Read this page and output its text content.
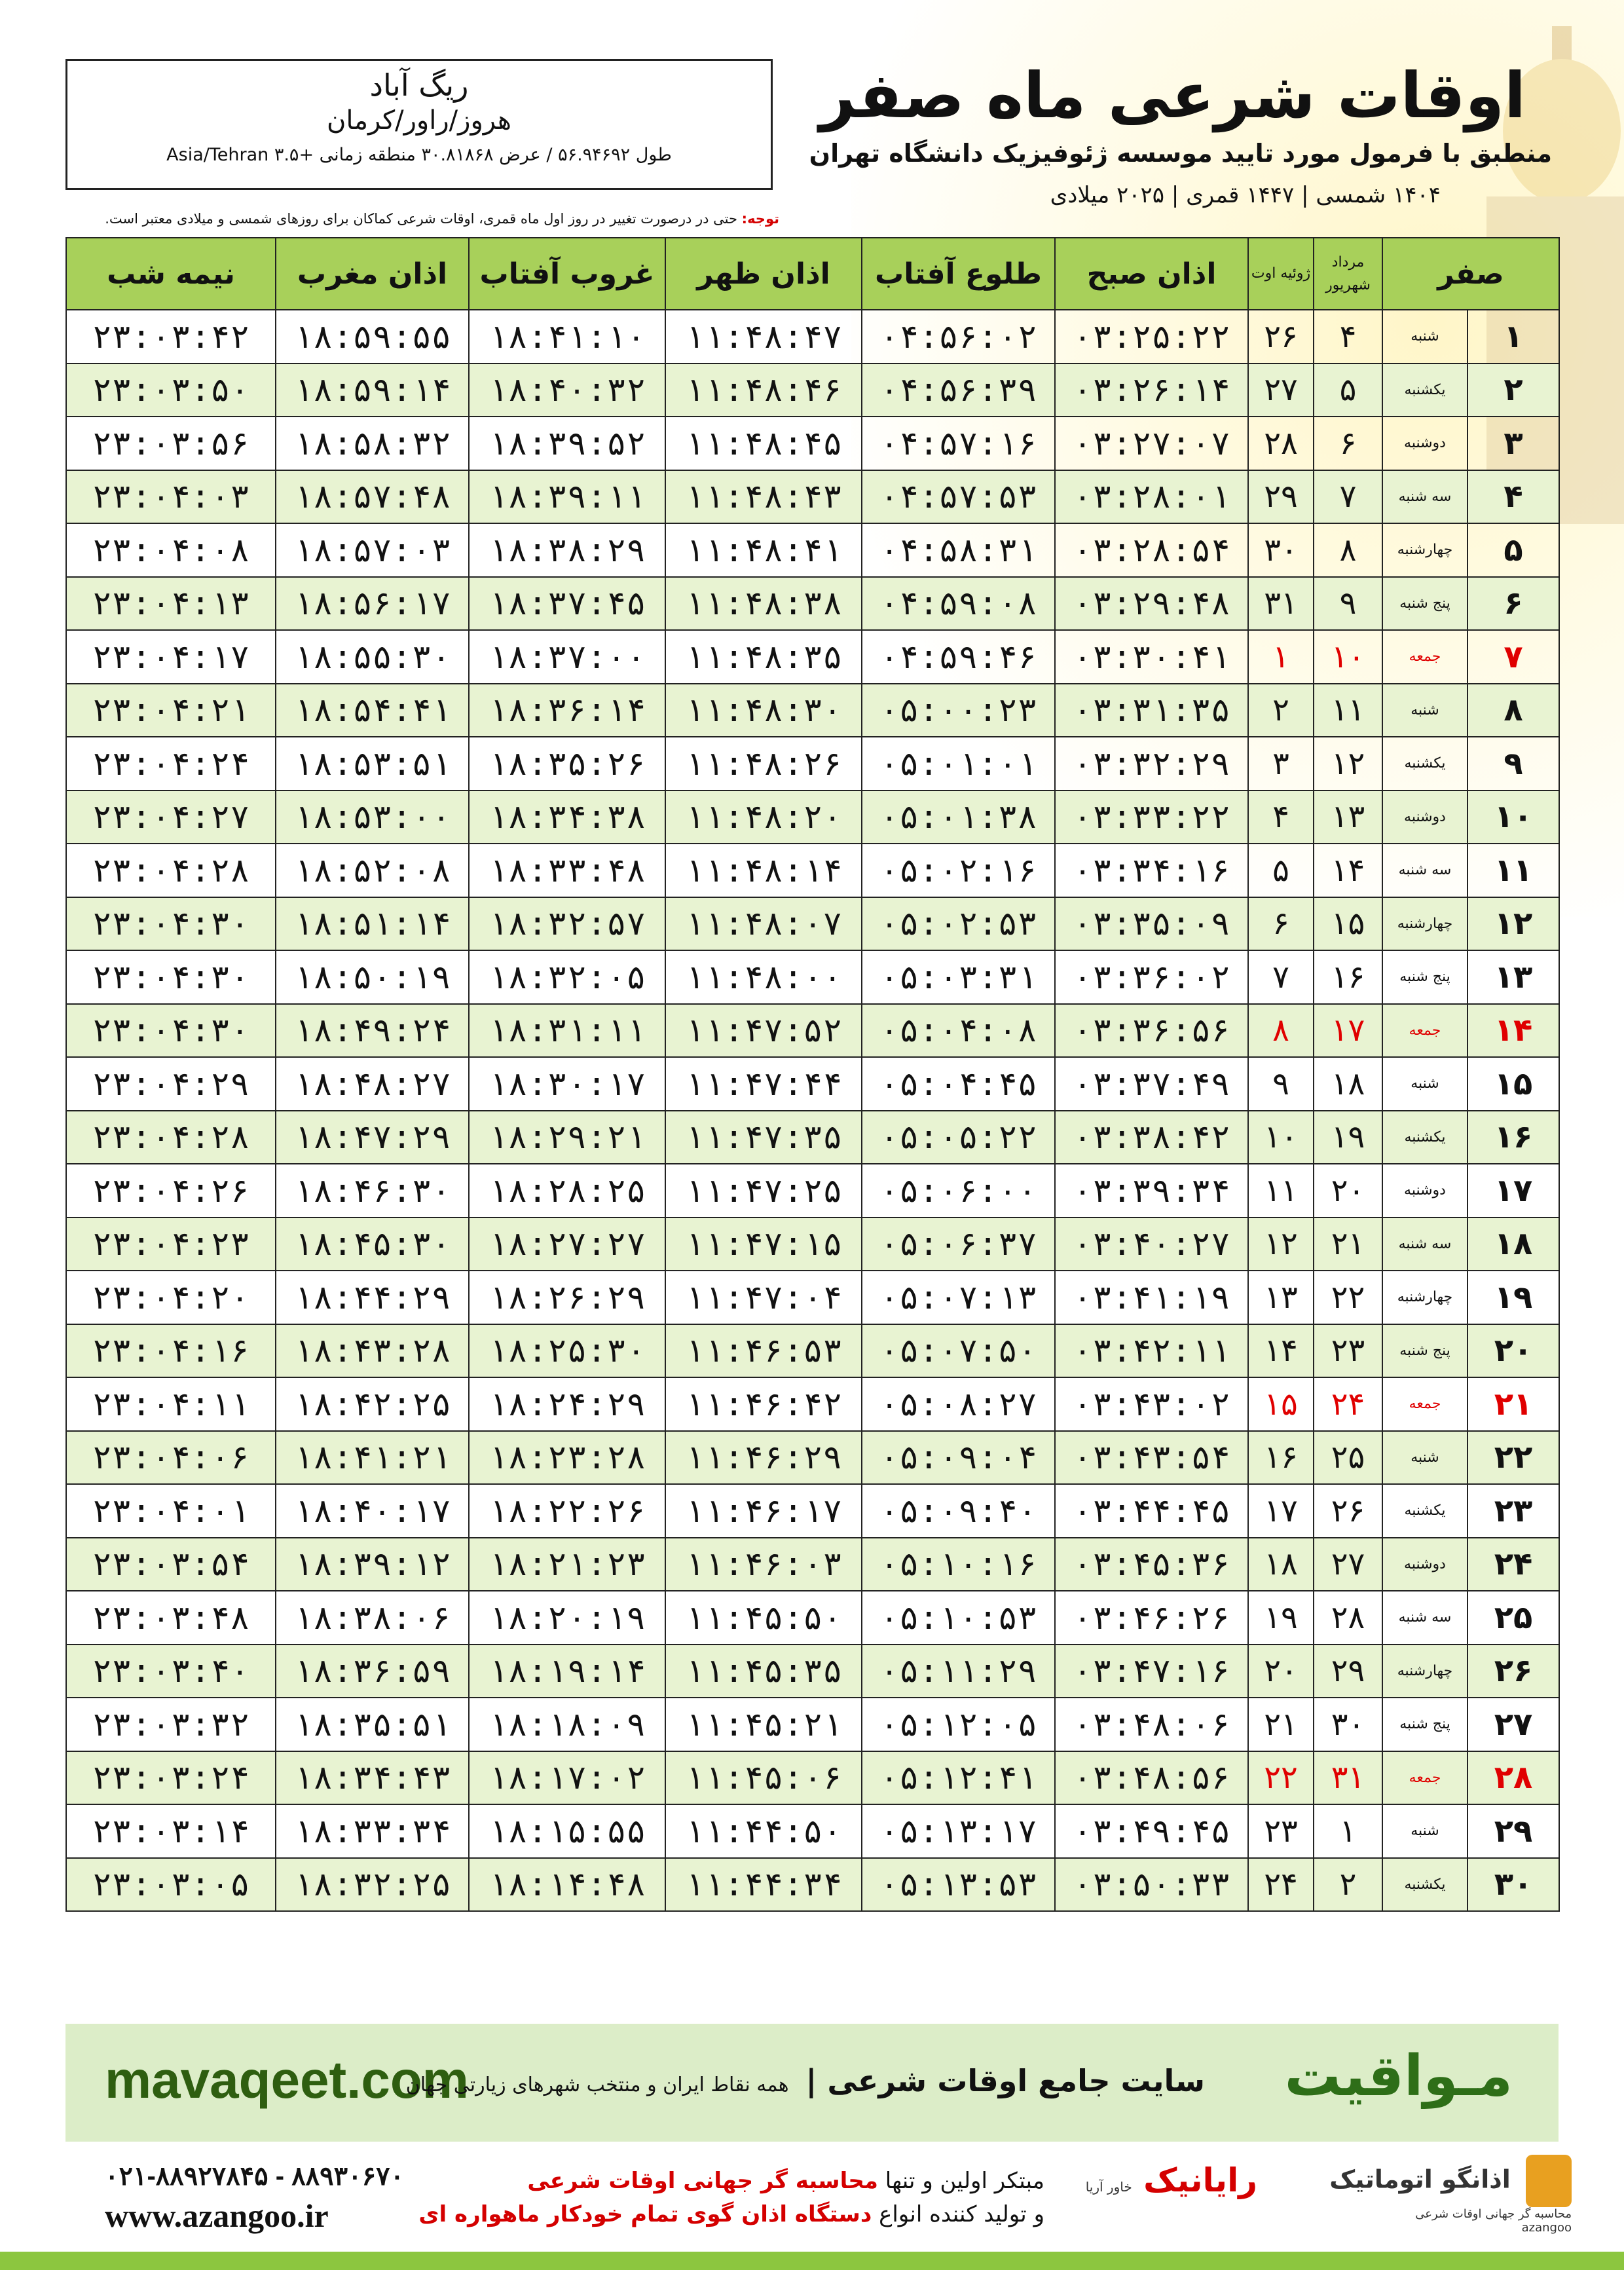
ریگ آباد
هروز/راور/کرمان
طول ۵۶.۹۴۶۹۲ / عرض ۳۰.۸۱۸۶۸ منطقه زمانی +۳.۵ Asia/Tehran
اوقات شرعی ماه صفر
منطبق با فرمول مورد تایید موسسه ژئوفیزیک دانشگاه تهران
۱۴۰۴ شمسی | ۱۴۴۷ قمری | ۲۰۲۵ میلادی
توجه: حتی در درصورت تغییر در روز اول ماه قمری، اوقات شرعی کماکان برای روزهای شمسی و میلادی معتبر است.
صفر		مرداد شهریور	ژوئیه اوت	اذان صبح	طلوع آفتاب	اذان ظهر	غروب آفتاب	اذان مغرب	نیمه شب
۱	شنبه	۴	۲۶	۰۳:۲۵:۲۲	۰۴:۵۶:۰۲	۱۱:۴۸:۴۷	۱۸:۴۱:۱۰	۱۸:۵۹:۵۵	۲۳:۰۳:۴۲
۲	یکشنبه	۵	۲۷	۰۳:۲۶:۱۴	۰۴:۵۶:۳۹	۱۱:۴۸:۴۶	۱۸:۴۰:۳۲	۱۸:۵۹:۱۴	۲۳:۰۳:۵۰
۳	دوشنبه	۶	۲۸	۰۳:۲۷:۰۷	۰۴:۵۷:۱۶	۱۱:۴۸:۴۵	۱۸:۳۹:۵۲	۱۸:۵۸:۳۲	۲۳:۰۳:۵۶
۴	سه شنبه	۷	۲۹	۰۳:۲۸:۰۱	۰۴:۵۷:۵۳	۱۱:۴۸:۴۳	۱۸:۳۹:۱۱	۱۸:۵۷:۴۸	۲۳:۰۴:۰۳
۵	چهارشنبه	۸	۳۰	۰۳:۲۸:۵۴	۰۴:۵۸:۳۱	۱۱:۴۸:۴۱	۱۸:۳۸:۲۹	۱۸:۵۷:۰۳	۲۳:۰۴:۰۸
۶	پنج شنبه	۹	۳۱	۰۳:۲۹:۴۸	۰۴:۵۹:۰۸	۱۱:۴۸:۳۸	۱۸:۳۷:۴۵	۱۸:۵۶:۱۷	۲۳:۰۴:۱۳
۷	جمعه	۱۰	۱	۰۳:۳۰:۴۱	۰۴:۵۹:۴۶	۱۱:۴۸:۳۵	۱۸:۳۷:۰۰	۱۸:۵۵:۳۰	۲۳:۰۴:۱۷
۸	شنبه	۱۱	۲	۰۳:۳۱:۳۵	۰۵:۰۰:۲۳	۱۱:۴۸:۳۰	۱۸:۳۶:۱۴	۱۸:۵۴:۴۱	۲۳:۰۴:۲۱
۹	یکشنبه	۱۲	۳	۰۳:۳۲:۲۹	۰۵:۰۱:۰۱	۱۱:۴۸:۲۶	۱۸:۳۵:۲۶	۱۸:۵۳:۵۱	۲۳:۰۴:۲۴
۱۰	دوشنبه	۱۳	۴	۰۳:۳۳:۲۲	۰۵:۰۱:۳۸	۱۱:۴۸:۲۰	۱۸:۳۴:۳۸	۱۸:۵۳:۰۰	۲۳:۰۴:۲۷
۱۱	سه شنبه	۱۴	۵	۰۳:۳۴:۱۶	۰۵:۰۲:۱۶	۱۱:۴۸:۱۴	۱۸:۳۳:۴۸	۱۸:۵۲:۰۸	۲۳:۰۴:۲۸
۱۲	چهارشنبه	۱۵	۶	۰۳:۳۵:۰۹	۰۵:۰۲:۵۳	۱۱:۴۸:۰۷	۱۸:۳۲:۵۷	۱۸:۵۱:۱۴	۲۳:۰۴:۳۰
۱۳	پنج شنبه	۱۶	۷	۰۳:۳۶:۰۲	۰۵:۰۳:۳۱	۱۱:۴۸:۰۰	۱۸:۳۲:۰۵	۱۸:۵۰:۱۹	۲۳:۰۴:۳۰
۱۴	جمعه	۱۷	۸	۰۳:۳۶:۵۶	۰۵:۰۴:۰۸	۱۱:۴۷:۵۲	۱۸:۳۱:۱۱	۱۸:۴۹:۲۴	۲۳:۰۴:۳۰
۱۵	شنبه	۱۸	۹	۰۳:۳۷:۴۹	۰۵:۰۴:۴۵	۱۱:۴۷:۴۴	۱۸:۳۰:۱۷	۱۸:۴۸:۲۷	۲۳:۰۴:۲۹
۱۶	یکشنبه	۱۹	۱۰	۰۳:۳۸:۴۲	۰۵:۰۵:۲۲	۱۱:۴۷:۳۵	۱۸:۲۹:۲۱	۱۸:۴۷:۲۹	۲۳:۰۴:۲۸
۱۷	دوشنبه	۲۰	۱۱	۰۳:۳۹:۳۴	۰۵:۰۶:۰۰	۱۱:۴۷:۲۵	۱۸:۲۸:۲۵	۱۸:۴۶:۳۰	۲۳:۰۴:۲۶
۱۸	سه شنبه	۲۱	۱۲	۰۳:۴۰:۲۷	۰۵:۰۶:۳۷	۱۱:۴۷:۱۵	۱۸:۲۷:۲۷	۱۸:۴۵:۳۰	۲۳:۰۴:۲۳
۱۹	چهارشنبه	۲۲	۱۳	۰۳:۴۱:۱۹	۰۵:۰۷:۱۳	۱۱:۴۷:۰۴	۱۸:۲۶:۲۹	۱۸:۴۴:۲۹	۲۳:۰۴:۲۰
۲۰	پنج شنبه	۲۳	۱۴	۰۳:۴۲:۱۱	۰۵:۰۷:۵۰	۱۱:۴۶:۵۳	۱۸:۲۵:۳۰	۱۸:۴۳:۲۸	۲۳:۰۴:۱۶
۲۱	جمعه	۲۴	۱۵	۰۳:۴۳:۰۲	۰۵:۰۸:۲۷	۱۱:۴۶:۴۲	۱۸:۲۴:۲۹	۱۸:۴۲:۲۵	۲۳:۰۴:۱۱
۲۲	شنبه	۲۵	۱۶	۰۳:۴۳:۵۴	۰۵:۰۹:۰۴	۱۱:۴۶:۲۹	۱۸:۲۳:۲۸	۱۸:۴۱:۲۱	۲۳:۰۴:۰۶
۲۳	یکشنبه	۲۶	۱۷	۰۳:۴۴:۴۵	۰۵:۰۹:۴۰	۱۱:۴۶:۱۷	۱۸:۲۲:۲۶	۱۸:۴۰:۱۷	۲۳:۰۴:۰۱
۲۴	دوشنبه	۲۷	۱۸	۰۳:۴۵:۳۶	۰۵:۱۰:۱۶	۱۱:۴۶:۰۳	۱۸:۲۱:۲۳	۱۸:۳۹:۱۲	۲۳:۰۳:۵۴
۲۵	سه شنبه	۲۸	۱۹	۰۳:۴۶:۲۶	۰۵:۱۰:۵۳	۱۱:۴۵:۵۰	۱۸:۲۰:۱۹	۱۸:۳۸:۰۶	۲۳:۰۳:۴۸
۲۶	چهارشنبه	۲۹	۲۰	۰۳:۴۷:۱۶	۰۵:۱۱:۲۹	۱۱:۴۵:۳۵	۱۸:۱۹:۱۴	۱۸:۳۶:۵۹	۲۳:۰۳:۴۰
۲۷	پنج شنبه	۳۰	۲۱	۰۳:۴۸:۰۶	۰۵:۱۲:۰۵	۱۱:۴۵:۲۱	۱۸:۱۸:۰۹	۱۸:۳۵:۵۱	۲۳:۰۳:۳۲
۲۸	جمعه	۳۱	۲۲	۰۳:۴۸:۵۶	۰۵:۱۲:۴۱	۱۱:۴۵:۰۶	۱۸:۱۷:۰۲	۱۸:۳۴:۴۳	۲۳:۰۳:۲۴
۲۹	شنبه	۱	۲۳	۰۳:۴۹:۴۵	۰۵:۱۳:۱۷	۱۱:۴۴:۵۰	۱۸:۱۵:۵۵	۱۸:۳۳:۳۴	۲۳:۰۳:۱۴
۳۰	یکشنبه	۲	۲۴	۰۳:۵۰:۳۳	۰۵:۱۳:۵۳	۱۱:۴۴:۳۴	۱۸:۱۴:۴۸	۱۸:۳۲:۲۵	۲۳:۰۳:۰۵
mavaqeet.com	سایت جامع اوقات شرعی | همه نقاط ایران و منتخب شهرهای زیارتی جهان	مـواقیت
۰۲۱-۸۸۹۲۷۸۴۵ - ۸۸۹۳۰۶۷۰
www.azangoo.ir
مبتکر اولین و تنها محاسبه گر جهانی اوقات شرعی
و تولید کننده انواع دستگاه اذان گوی تمام خودکار ماهواره ای
رایانیک خاور آریا	اذانگو اتوماتیک
محاسبه گر جهانی اوقات شرعی
azangoo
